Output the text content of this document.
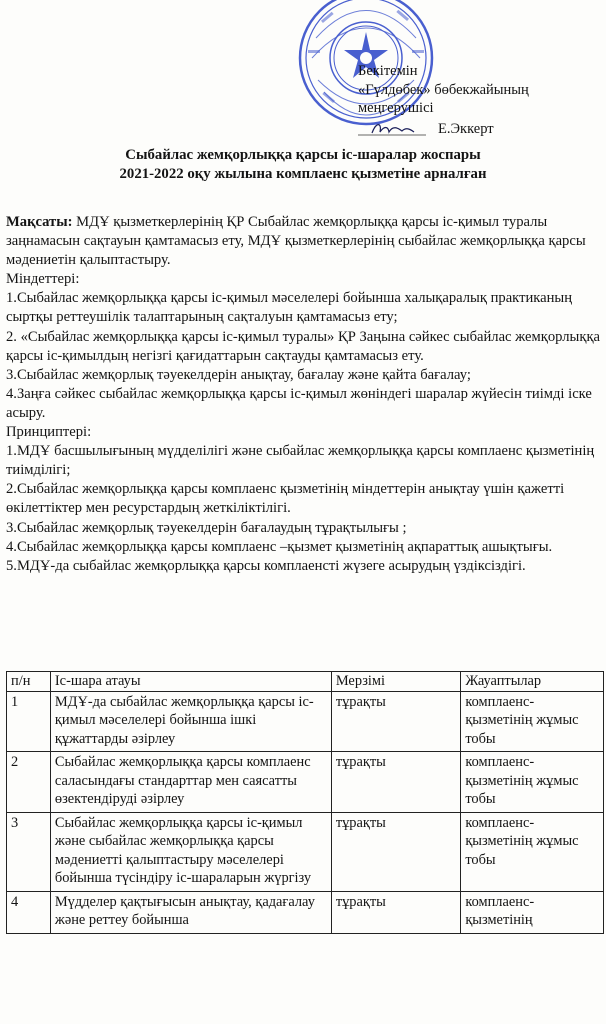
Бекітемін
«Гүлдөбек» бөбекжайының
меңгерушісі
Е.Эккерт
Сыбайлас жемқорлыққа қарсы іс-шаралар жоспары
2021-2022 оқу жылына комплаенс қызметіне арналған

Мақсаты: МДҰ қызметкерлерінің ҚР Сыбайлас жемқорлыққа қарсы іс-қимыл туралы заңнамасын сақтауын қамтамасыз ету, МДҰ қызметкерлерінің сыбайлас жемқорлыққа қарсы мәдениетін қалыптастыру.

Міндеттері:

1.Сыбайлас жемқорлыққа қарсы іс-қимыл мәселелері бойынша халықаралық практиканың сыртқы реттеушілік талаптарының сақталуын қамтамасыз ету;

2. «Сыбайлас жемқорлыққа қарсы іс-қимыл туралы» ҚР Заңына сәйкес сыбайлас жемқорлыққа қарсы іс-қимылдың негізгі қағидаттарын сақтауды қамтамасыз ету.

3.Сыбайлас жемқорлық тәуекелдерін анықтау, бағалау және қайта бағалау;

4.Заңға сәйкес сыбайлас жемқорлыққа қарсы іс-қимыл жөніндегі шаралар жүйесін тиімді іске асыру.

Принциптері:

1.МДҰ басшылығының мүдделілігі және сыбайлас жемқорлыққа қарсы комплаенс қызметінің тиімділігі;

2.Сыбайлас жемқорлыққа қарсы комплаенс қызметінің міндеттерін анықтау үшін қажетті өкілеттіктер мен ресурстардың жеткіліктілігі.

3.Сыбайлас жемқорлық тәуекелдерін бағалаудың тұрақтылығы ;

4.Сыбайлас жемқорлыққа қарсы комплаенс –қызмет қызметінің ақпараттық ашықтығы.

5.МДҰ-да сыбайлас жемқорлыққа қарсы комплаенсті жүзеге асырудың үздіксіздігі.

п/н	Іс-шара атауы	Мерзімі	Жауаптылар
1	МДҰ-да сыбайлас жемқорлыққа қарсы іс-қимыл мәселелері бойынша ішкі құжаттарды әзірлеу	тұрақты	комплаенс-қызметінің жұмыс тобы
2	Сыбайлас жемқорлыққа қарсы комплаенс саласындағы стандарттар мен саясатты өзектендіруді әзірлеу	тұрақты	комплаенс-қызметінің жұмыс тобы
3	Сыбайлас жемқорлыққа қарсы іс-қимыл және сыбайлас жемқорлыққа қарсы мәдениетті қалыптастыру мәселелері бойынша түсіндіру іс-шараларын жүргізу	тұрақты	комплаенс-қызметінің жұмыс тобы
4	Мүдделер қақтығысын анықтау, қадағалау және реттеу бойынша	тұрақты	комплаенс-қызметінің
